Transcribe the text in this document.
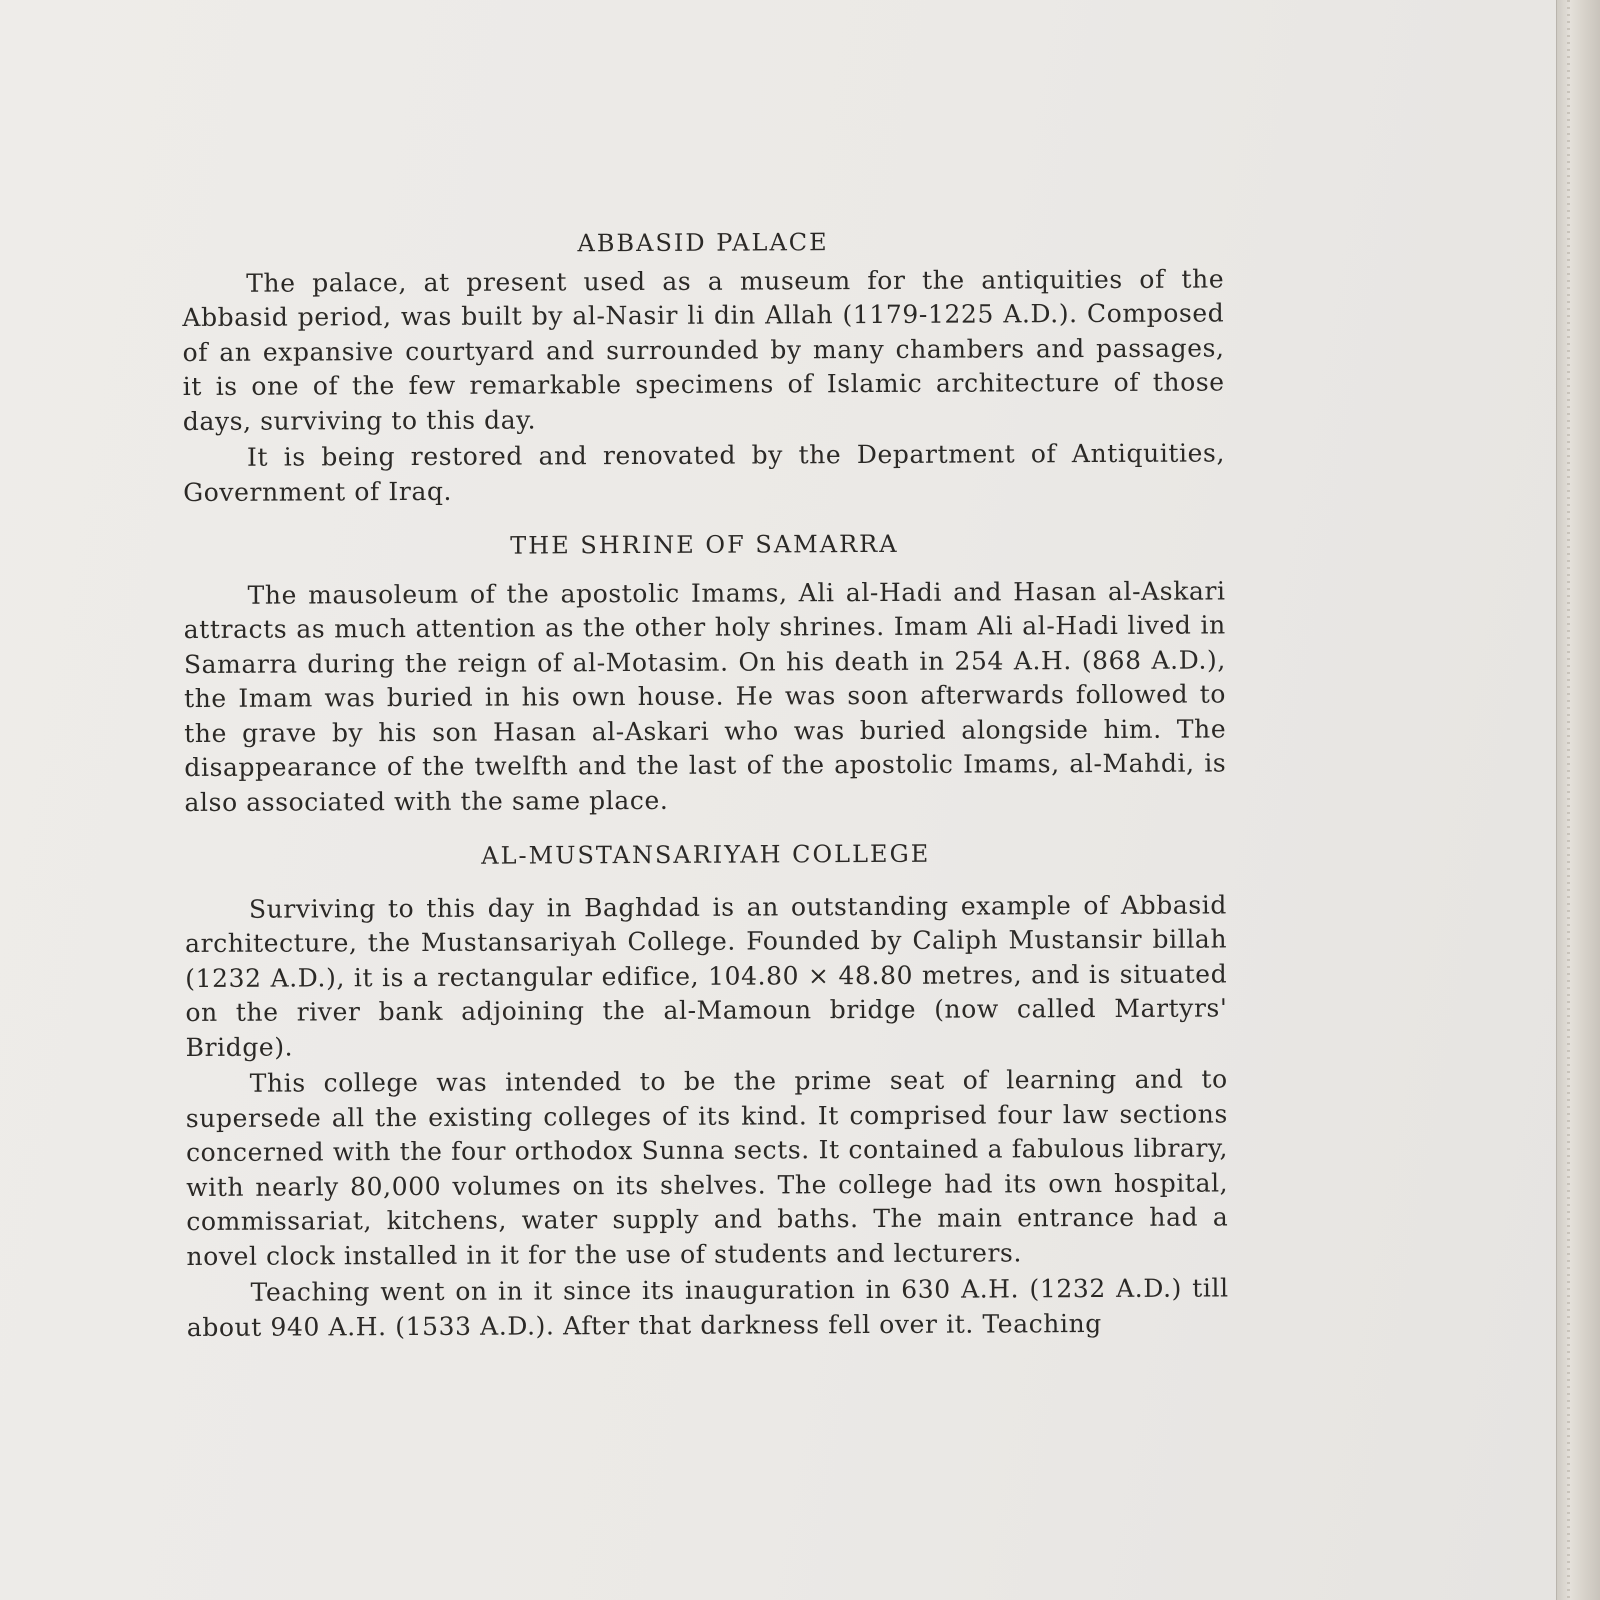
ABBASID PALACE

The palace, at present used as a museum for the antiquities of the Abbasid period, was built by al-Nasir li din Allah (1179-1225 A.D.). Composed of an expansive courtyard and surrounded by many chambers and passages, it is one of the few remarkable specimens of Islamic architecture of those days, surviving to this day.

It is being restored and renovated by the Department of Antiquities, Government of Iraq.

THE SHRINE OF SAMARRA

The mausoleum of the apostolic Imams, Ali al-Hadi and Hasan al-Askari attracts as much attention as the other holy shrines. Imam Ali al-Hadi lived in Samarra during the reign of al-Motasim. On his death in 254 A.H. (868 A.D.), the Imam was buried in his own house. He was soon afterwards followed to the grave by his son Hasan al-Askari who was buried alongside him. The disappearance of the twelfth and the last of the apostolic Imams, al-Mahdi, is also associated with the same place.

AL-MUSTANSARIYAH COLLEGE

Surviving to this day in Baghdad is an outstanding example of Abbasid architecture, the Mustansariyah College. Founded by Caliph Mustansir billah (1232 A.D.), it is a rectangular edifice, 104.80 × 48.80 metres, and is situated on the river bank adjoining the al-Mamoun bridge (now called Martyrs' Bridge).

This college was intended to be the prime seat of learning and to supersede all the existing colleges of its kind. It comprised four law sections concerned with the four orthodox Sunna sects. It contained a fabulous library, with nearly 80,000 volumes on its shelves. The college had its own hospital, commissariat, kitchens, water supply and baths. The main entrance had a novel clock installed in it for the use of students and lecturers.

Teaching went on in it since its inauguration in 630 A.H. (1232 A.D.) till about 940 A.H. (1533 A.D.). After that darkness fell over it. Teaching
